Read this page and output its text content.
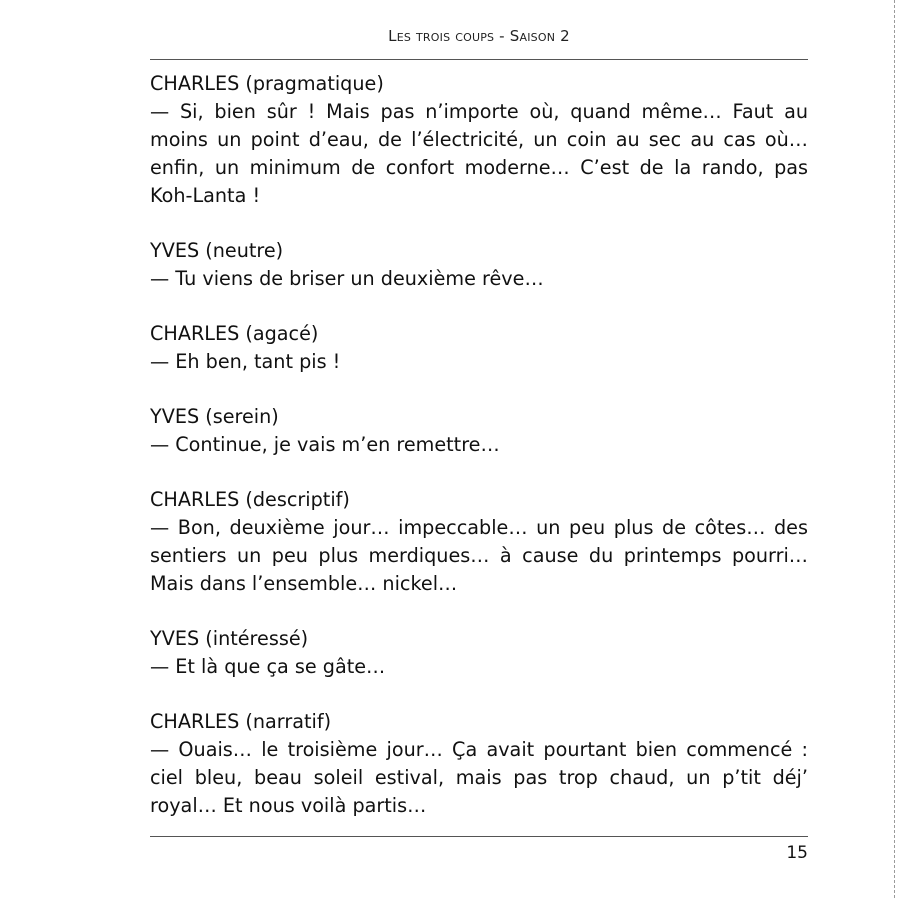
Les trois coups - Saison 2
CHARLES (pragmatique)
— Si, bien sûr ! Mais pas n’importe où, quand même… Faut au moins un point d’eau, de l’électricité, un coin au sec au cas où… enfin, un minimum de confort moderne… C’est de la rando, pas Koh-Lanta !
YVES (neutre)
— Tu viens de briser un deuxième rêve…
CHARLES (agacé)
— Eh ben, tant pis !
YVES (serein)
— Continue, je vais m’en remettre…
CHARLES (descriptif)
— Bon, deuxième jour… impeccable… un peu plus de côtes… des sentiers un peu plus merdiques… à cause du printemps pourri… Mais dans l’ensemble… nickel…
YVES (intéressé)
— Et là que ça se gâte…
CHARLES (narratif)
— Ouais… le troisième jour… Ça avait pourtant bien commencé : ciel bleu, beau soleil estival, mais pas trop chaud, un p’tit déj’ royal… Et nous voilà partis…
15
